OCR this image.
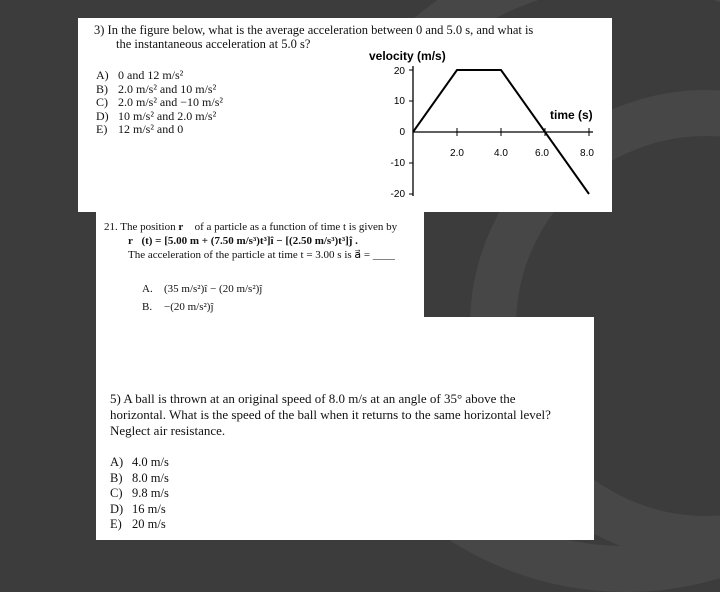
3) In the figure below, what is the average acceleration between 0 and 5.0 s, and what is
the instantaneous acceleration at 5.0 s?
A) 0 and 12 m/s²
B) 2.0 m/s² and 10 m/s²
C) 2.0 m/s² and −10 m/s²
D) 10 m/s² and 2.0 m/s²
E) 12 m/s² and 0
velocity (m/s)
time (s)
20
10
0
-10
-20
2.0	4.0	6.0	8.0
21. The position r⃗ of a particle as a function of time t is given by
r⃗(t) = [5.00 m + (7.50 m/s³)t³]î − [(2.50 m/s³)t³]ĵ .
The acceleration of the particle at time t = 3.00 s is a⃗ = ____
A. (35 m/s²)î − (20 m/s²)ĵ
B. −(20 m/s²)ĵ
5) A ball is thrown at an original speed of 8.0 m/s at an angle of 35° above the
horizontal. What is the speed of the ball when it returns to the same horizontal level?
Neglect air resistance.
A) 4.0 m/s
B) 8.0 m/s
C) 9.8 m/s
D) 16 m/s
E) 20 m/s
